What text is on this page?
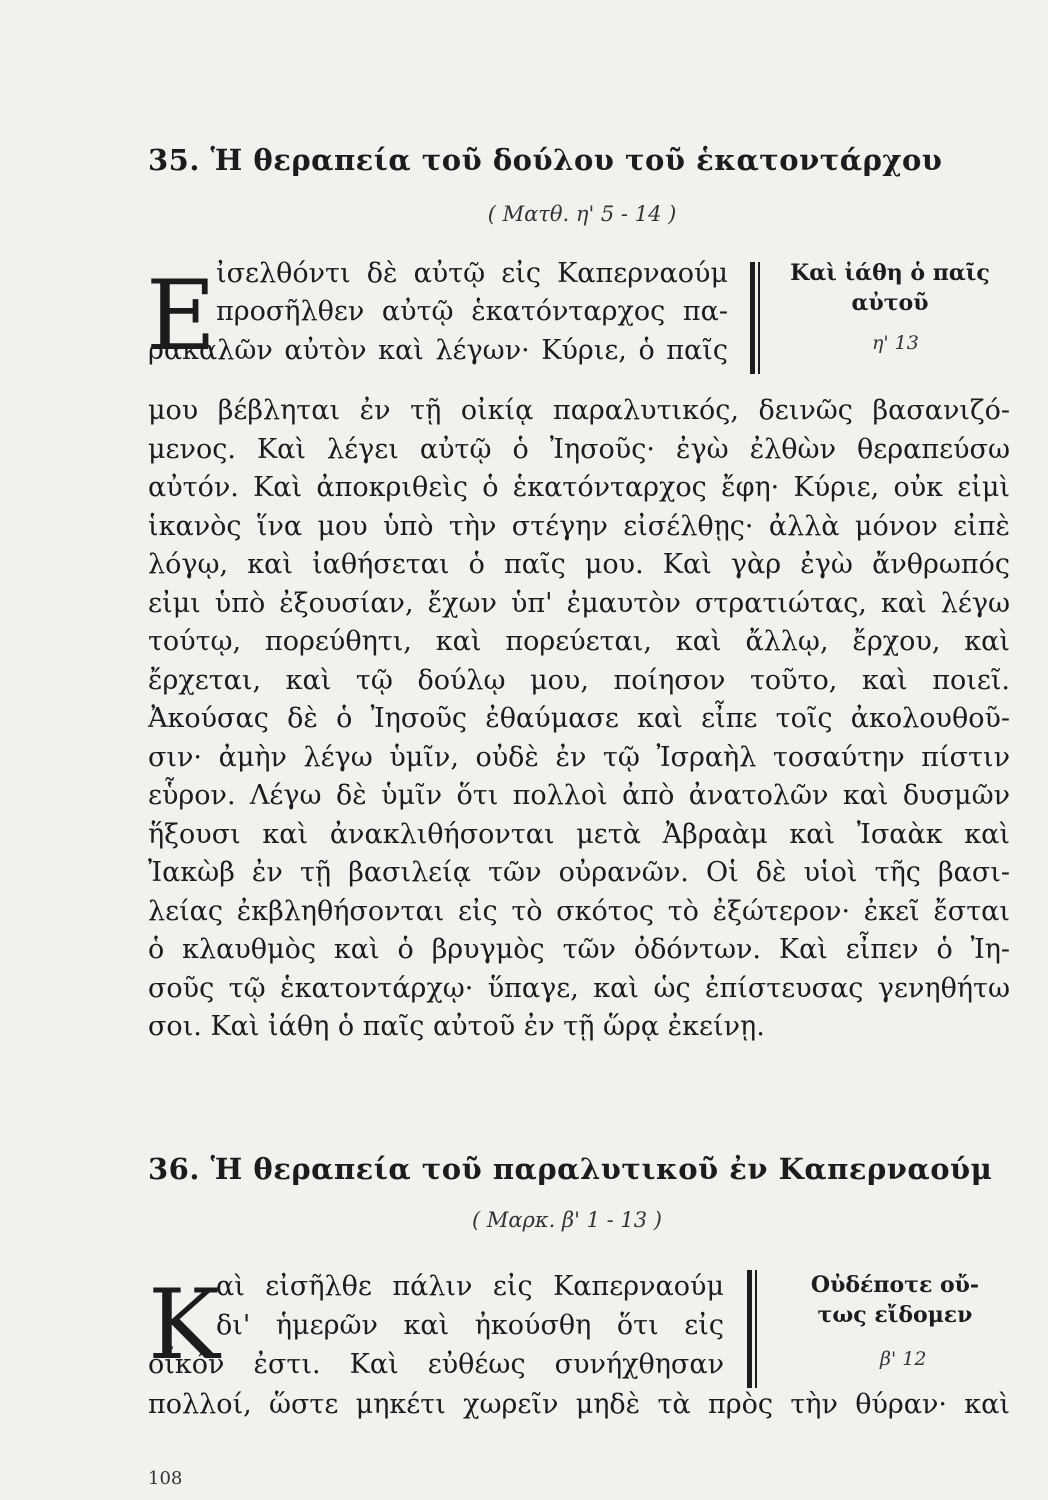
35. Ἡ θεραπεία τοῦ δούλου τοῦ ἑκατοντάρχου
( Ματθ. η' 5 - 14 )
Ε ἰσελθόντι δὲ αὐτῷ εἰς Καπερναούμ
προσῆλθεν αὐτῷ ἑκατόνταρχος πα-
ρακαλῶν αὐτὸν καὶ λέγων· Κύριε, ὁ παῖς
Καὶ ἰάθη ὁ παῖς
αὐτοῦ
η' 13
μου βέβληται ἐν τῇ οἰκίᾳ παραλυτικός, δεινῶς βασανιζό-
μενος. Καὶ λέγει αὐτῷ ὁ Ἰησοῦς· ἐγὼ ἐλθὼν θεραπεύσω
αὐτόν. Καὶ ἀποκριθεὶς ὁ ἑκατόνταρχος ἔφη· Κύριε, οὐκ εἰμὶ
ἱκανὸς ἵνα μου ὑπὸ τὴν στέγην εἰσέλθῃς· ἀλλὰ μόνον εἰπὲ
λόγῳ, καὶ ἰαθήσεται ὁ παῖς μου. Καὶ γὰρ ἐγὼ ἄνθρωπός
εἰμι ὑπὸ ἐξουσίαν, ἔχων ὑπ' ἐμαυτὸν στρατιώτας, καὶ λέγω
τούτῳ, πορεύθητι, καὶ πορεύεται, καὶ ἄλλῳ, ἔρχου, καὶ
ἔρχεται, καὶ τῷ δούλῳ μου, ποίησον τοῦτο, καὶ ποιεῖ.
Ἀκούσας δὲ ὁ Ἰησοῦς ἐθαύμασε καὶ εἶπε τοῖς ἀκολουθοῦ-
σιν· ἀμὴν λέγω ὑμῖν, οὐδὲ ἐν τῷ Ἰσραὴλ τοσαύτην πίστιν
εὗρον. Λέγω δὲ ὑμῖν ὅτι πολλοὶ ἀπὸ ἀνατολῶν καὶ δυσμῶν
ἥξουσι καὶ ἀνακλιθήσονται μετὰ Ἀβραὰμ καὶ Ἰσαὰκ καὶ
Ἰακὼβ ἐν τῇ βασιλείᾳ τῶν οὐρανῶν. Οἱ δὲ υἱοὶ τῆς βασι-
λείας ἐκβληθήσονται εἰς τὸ σκότος τὸ ἐξώτερον· ἐκεῖ ἔσται
ὁ κλαυθμὸς καὶ ὁ βρυγμὸς τῶν ὀδόντων. Καὶ εἶπεν ὁ Ἰη-
σοῦς τῷ ἑκατοντάρχῳ· ὕπαγε, καὶ ὡς ἐπίστευσας γενηθήτω
σοι. Καὶ ἰάθη ὁ παῖς αὐτοῦ ἐν τῇ ὥρᾳ ἐκείνῃ.
36. Ἡ θεραπεία τοῦ παραλυτικοῦ ἐν Καπερναούμ
( Μαρκ. β' 1 - 13 )
Κ
αὶ εἰσῆλθε πάλιν εἰς Καπερναούμ
δι' ἡμερῶν καὶ ἠκούσθη ὅτι εἰς
οἶκόν ἐστι. Καὶ εὐθέως συνήχθησαν
Οὐδέποτε οὔ-
τως εἴδομεν
β' 12
πολλοί, ὥστε μηκέτι χωρεῖν μηδὲ τὰ πρὸς τὴν θύραν· καὶ
108
